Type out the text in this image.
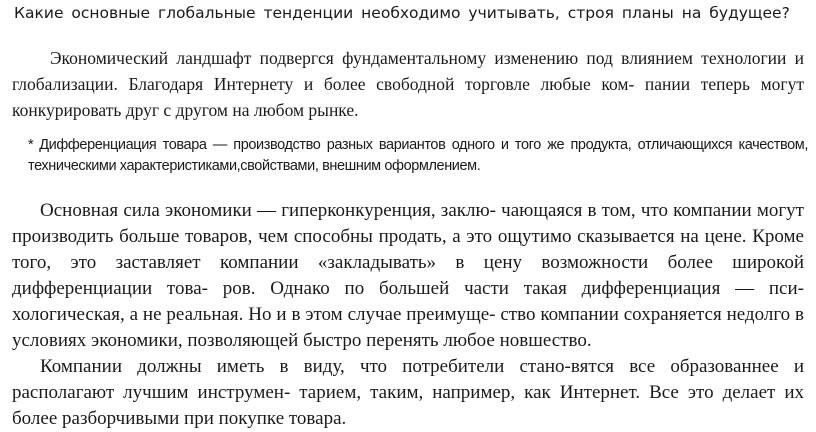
Какие основные глобальные тенденции необходимо учитывать, строя планы на будущее?
Экономический ландшафт подвергся фундаментальному изменению под влиянием технологии и глобализации. Благодаря Интернету и более свободной торговле любые ком- пании теперь могут конкурировать друг с другом на любом рынке.
* Дифференциация товара — производство разных вариантов одного и того же продукта, отличающихся качеством, техническими характеристиками,свойствами, внешним оформлением.

Основная сила экономики — гиперконкуренция, заклю- чающаяся в том, что компании могут производить больше товаров, чем способны продать, а это ощутимо сказывается на цене. Кроме того, это заставляет компании «закладывать» в цену возможности более широкой дифференциации това- ров. Однако по большей части такая дифференциация — пси-хологическая, а не реальная. Но и в этом случае преимуще- ство компании сохраняется недолго в условиях экономики, позволяющей быстро перенять любое новшество.

Компании должны иметь в виду, что потребители стано-вятся все образованнее и располагают лучшим инструмен- тарием, таким, например, как Интернет. Все это делает их более разборчивыми при покупке товара.
